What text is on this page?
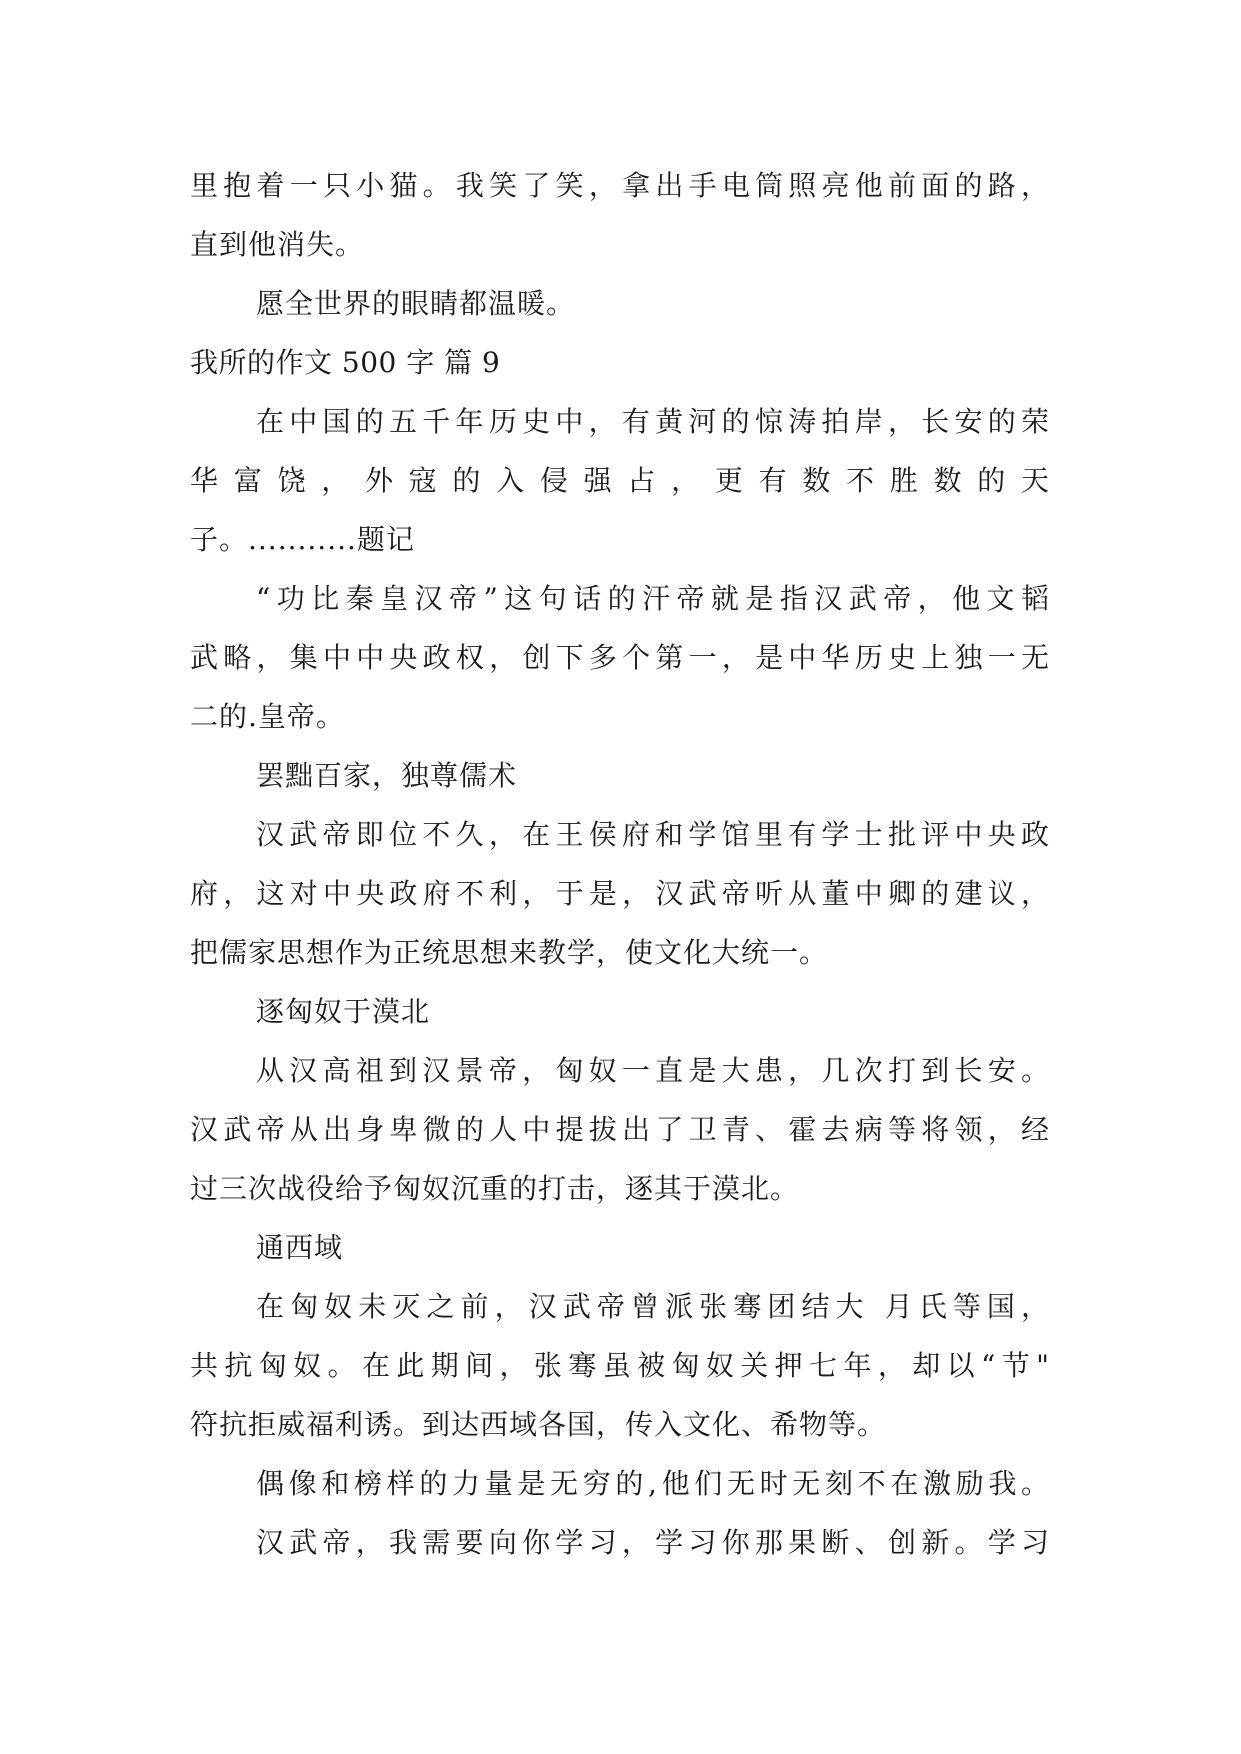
里抱着一只小猫。我笑了笑，拿出手电筒照亮他前面的路，
直到他消失。
愿全世界的眼睛都温暖。
我所的作文 500 字 篇 9
在中国的五千年历史中，有黄河的惊涛拍岸，长安的荣
华富饶，外寇的入侵强占，更有数不胜数的天
子。...........题记
“功比秦皇汉帝”这句话的汗帝就是指汉武帝，他文韬
武略，集中中央政权，创下多个第一，是中华历史上独一无
二的.皇帝。
罢黜百家，独尊儒术
汉武帝即位不久，在王侯府和学馆里有学士批评中央政
府，这对中央政府不利，于是，汉武帝听从董中卿的建议，
把儒家思想作为正统思想来教学，使文化大统一。
逐匈奴于漠北
从汉高祖到汉景帝，匈奴一直是大患，几次打到长安。
汉武帝从出身卑微的人中提拔出了卫青、霍去病等将领，经
过三次战役给予匈奴沉重的打击，逐其于漠北。
通西域
在匈奴未灭之前，汉武帝曾派张骞团结大 月氏等国，
共抗匈奴。在此期间，张骞虽被匈奴关押七年，却以“节"
符抗拒威福利诱。到达西域各国，传入文化、希物等。
偶像和榜样的力量是无穷的,他们无时无刻不在激励我。
汉武帝，我需要向你学习，学习你那果断、创新。学习
